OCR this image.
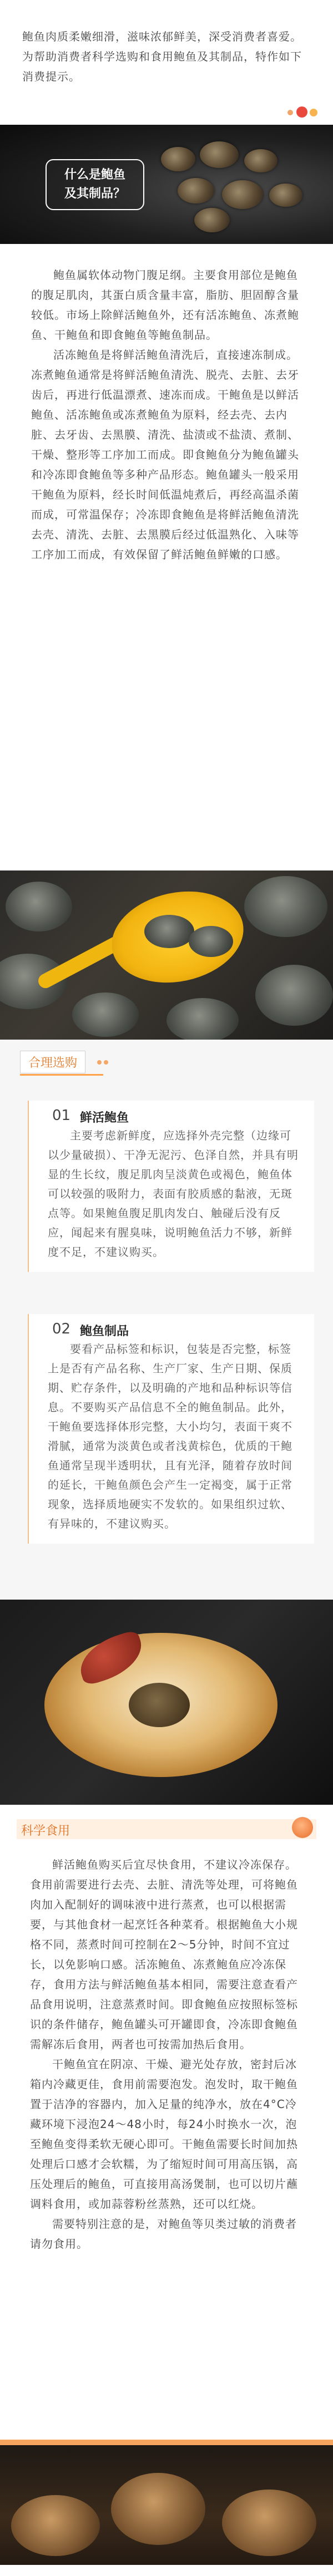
鲍鱼肉质柔嫩细滑，滋味浓郁鲜美，深受消费者喜爱。为帮助消费者科学选购和食用鲍鱼及其制品，特作如下消费提示。

什么是鲍鱼
及其制品？

鲍鱼属软体动物门腹足纲。主要食用部位是鲍鱼的腹足肌肉，其蛋白质含量丰富，脂肪、胆固醇含量较低。市场上除鲜活鲍鱼外，还有活冻鲍鱼、冻煮鲍鱼、干鲍鱼和即食鲍鱼等鲍鱼制品。

活冻鲍鱼是将鲜活鲍鱼清洗后，直接速冻制成。冻煮鲍鱼通常是将鲜活鲍鱼清洗、脱壳、去脏、去牙齿后，再进行低温漂煮、速冻而成。干鲍鱼是以鲜活鲍鱼、活冻鲍鱼或冻煮鲍鱼为原料，经去壳、去内脏、去牙齿、去黑膜、清洗、盐渍或不盐渍、煮制、干燥、整形等工序加工而成。即食鲍鱼分为鲍鱼罐头和冷冻即食鲍鱼等多种产品形态。鲍鱼罐头一般采用干鲍鱼为原料，经长时间低温炖煮后，再经高温杀菌而成，可常温保存；冷冻即食鲍鱼是将鲜活鲍鱼清洗去壳、清洗、去脏、去黑膜后经过低温熟化、入味等工序加工而成，有效保留了鲜活鲍鱼鲜嫩的口感。

合理选购
01 鲜活鲍鱼

主要考虑新鲜度，应选择外壳完整（边缘可以少量破损）、干净无泥污、色泽自然，并具有明显的生长纹，腹足肌肉呈淡黄色或褐色，鲍鱼体可以较强的吸附力，表面有胶质感的黏液，无斑点等。如果鲍鱼腹足肌肉发白、触碰后没有反应，闻起来有腥臭味，说明鲍鱼活力不够，新鲜度不足，不建议购买。

02 鲍鱼制品

要看产品标签和标识，包装是否完整，标签上是否有产品名称、生产厂家、生产日期、保质期、贮存条件，以及明确的产地和品种标识等信息。不要购买产品信息不全的鲍鱼制品。此外，干鲍鱼要选择体形完整，大小均匀，表面干爽不滑腻，通常为淡黄色或者浅黄棕色，优质的干鲍鱼通常呈现半透明状，且有光泽，随着存放时间的延长，干鲍鱼颜色会产生一定褐变，属于正常现象，选择质地硬实不发软的。如果组织过软、有异味的，不建议购买。

科学食用

鲜活鲍鱼购买后宜尽快食用，不建议冷冻保存。食用前需要进行去壳、去脏、清洗等处理，可将鲍鱼肉加入配制好的调味液中进行蒸煮，也可以根据需要，与其他食材一起烹饪各种菜肴。根据鲍鱼大小规格不同，蒸煮时间可控制在2～5分钟，时间不宜过长，以免影响口感。活冻鲍鱼、冻煮鲍鱼应冷冻保存，食用方法与鲜活鲍鱼基本相同，需要注意查看产品食用说明，注意蒸煮时间。即食鲍鱼应按照标签标识的条件储存，鲍鱼罐头可开罐即食，冷冻即食鲍鱼需解冻后食用，两者也可按需加热后食用。

干鲍鱼宜在阴凉、干燥、避光处存放，密封后冰箱内冷藏更佳，食用前需要泡发。泡发时，取干鲍鱼置于洁净的容器内，加入足量的纯净水，放在4°C冷藏环境下浸泡24～48小时，每24小时换水一次，泡至鲍鱼变得柔软无硬心即可。干鲍鱼需要长时间加热处理后口感才会软糯，为了缩短时间可用高压锅，高压处理后的鲍鱼，可直接用高汤煲制，也可以切片蘸调料食用，或加蒜蓉粉丝蒸熟，还可以红烧。

需要特别注意的是，对鲍鱼等贝类过敏的消费者请勿食用。
